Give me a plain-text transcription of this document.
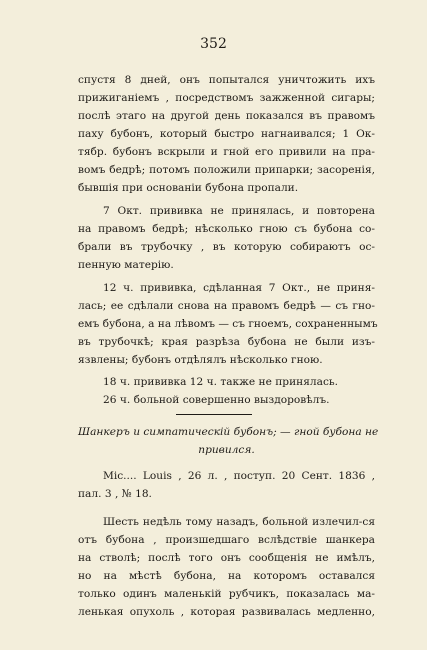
352
спустя 8 дней, онъ попытался уничтожить ихъ
прижиганіемъ , посредствомъ зажженной сигары;
послѣ этаго на другой день показался въ правомъ
паху бубонъ, который быстро нагнаивался; 1 Ок-
тябр. бубонъ вскрыли и гной его привили на пра-
вомъ бедрѣ; потомъ положили припарки; засоренія,
бывшія при основаніи бубона пропали.
7 Окт. прививка не принялась, и повторена
на правомъ бедрѣ; нѣсколько гною съ бубона со-
брали въ трубочку , въ которую собираютъ ос-
пенную матерію.
12 ч. прививка, сдѣланная 7 Окт., не приня-
лась; ее сдѣлали снова на правомъ бедрѣ — съ гно-
емъ бубона, а на лѣвомъ — съ гноемъ, сохраненнымъ
въ трубочкѣ; края разрѣза бубона не были изъ-
язвлены; бубонъ отдѣлялъ нѣсколько гною.
Шанкеръ и симпатическій бубонъ; — гной бубона не
привился.
Mic.... Louis , 26 л. , поступ. 20 Сент. 1836 ,
пал. 3 , № 18.
Шесть недѣль тому назадъ, больной излечил-ся
отъ бубона , произшедшаго вслѣдствіе шанкера
на стволѣ; послѣ того онъ сообщенія не имѣлъ,
но на мѣстѣ бубона, на которомъ оставался
только одинъ маленькій рубчикъ, показалась ма-
ленькая опухоль , которая развивалась медленно,
18 ч. прививка 12 ч. также не принялась.
26 ч. больной совершенно выздоровѣлъ.
